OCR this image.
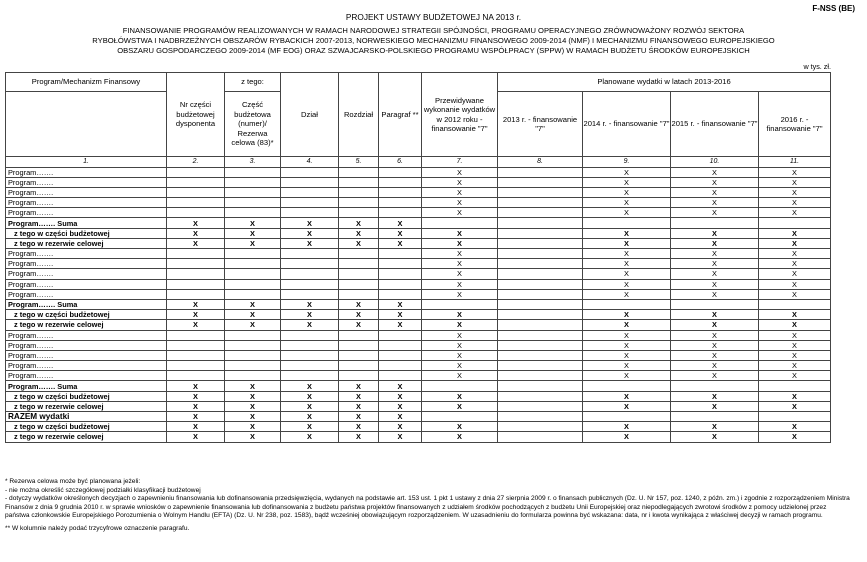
F-NSS (BE)
PROJEKT USTAWY BUDŻETOWEJ NA 2013 r.
FINANSOWANIE PROGRAMÓW REALIZOWANYCH W RAMACH NARODOWEJ STRATEGII SPÓJNOŚCI, PROGRAMU OPERACYJNEGO ZRÓWNOWAŻONY ROZWÓJ SEKTORA
RYBOŁÓWSTWA I NADBRZEŻNYCH OBSZARÓW RYBACKICH 2007-2013, NORWESKIEGO MECHANIZMU FINANSOWEGO 2009-2014 (NMF) I MECHANIZMU FINANSOWEGO EUROPEJSKIEGO
OBSZARU GOSPODARCZEGO 2009-2014 (MF EOG) ORAZ SZWAJCARSKO-POLSKIEGO PROGRAMU WSPÓŁPRACY (SPPW) W RAMACH BUDŻETU ŚRODKÓW EUROPEJSKICH
w tys. zł.
Program/Mechanizm Finansowy	Nr części budżetowej dysponenta	z tego:	Dział	Rozdział	Paragraf **	Przewidywane wykonanie wydatków w 2012 roku - finansowanie "7"	Planowane wydatki w latach 2013-2016			
		Część budżetowa (numer)/ Rezerwa celowa (83)*					2013 r. - finansowanie "7"	2014 r. - finansowanie "7"	2015 r. - finansowanie "7"	2016 r. - finansowanie "7"

1.	2.	3.	4.	5.	6.	7.	8.	9.	10.	11.
Program…….						X		X	X	X
Program…….						X		X	X	X
Program…….						X		X	X	X
Program…….						X		X	X	X
Program…….						X		X	X	X
Program……. Suma	X	X	X	X	X					
z tego w części budżetowej	X	X	X	X	X	X		X	X	X
z tego w rezerwie celowej	X	X	X	X	X	X		X	X	X
Program…….						X		X	X	X
Program…….						X		X	X	X
Program…….						X		X	X	X
Program…….						X		X	X	X
Program…….						X		X	X	X
Program……. Suma	X	X	X	X	X					
z tego w części budżetowej	X	X	X	X	X	X		X	X	X
z tego w rezerwie celowej	X	X	X	X	X	X		X	X	X
Program…….						X		X	X	X
Program…….						X		X	X	X
Program…….						X		X	X	X
Program…….						X		X	X	X
Program…….						X		X	X	X
Program……. Suma	X	X	X	X	X					
z tego w części budżetowej	X	X	X	X	X	X		X	X	X
z tego w rezerwie celowej	X	X	X	X	X	X		X	X	X
RAZEM wydatki	X	X	X	X	X					
z tego w części budżetowej	X	X	X	X	X	X		X	X	X
z tego w rezerwie celowej	X	X	X	X	X	X		X	X	X

* Rezerwa celowa może być planowana jeżeli:

- nie można określić szczegółowej podziałki klasyfikacji budżetowej

- dotyczy wydatków określonych decyzjach o zapewnieniu finansowania lub dofinansowania przedsięwzięcia, wydanych na podstawie art. 153 ust. 1 pkt 1 ustawy z dnia 27 sierpnia 2009 r. o finansach publicznych (Dz. U. Nr 157, poz. 1240, z późn. zm.) i zgodnie z rozporządzeniem Ministra Finansów z dnia 9 grudnia 2010 r. w sprawie wniosków o zapewnienie finansowania lub dofinansowania z budżetu państwa projektów finansowanych z udziałem środków pochodzących z budżetu Unii Europejskiej oraz niepodlegających zwrotowi środków z pomocy udzielonej przez państwa członkowskie Europejskiego Porozumienia o Wolnym Handlu (EFTA) (Dz. U. Nr 238, poz. 1583), bądź wcześniej obowiązującym rozporządzeniem. W uzasadnieniu do formularza powinna być wskazana: data, nr i kwota wynikająca z właściwej decyzji w ramach programu.

** W kolumnie należy podać trzycyfrowe oznaczenie paragrafu.
